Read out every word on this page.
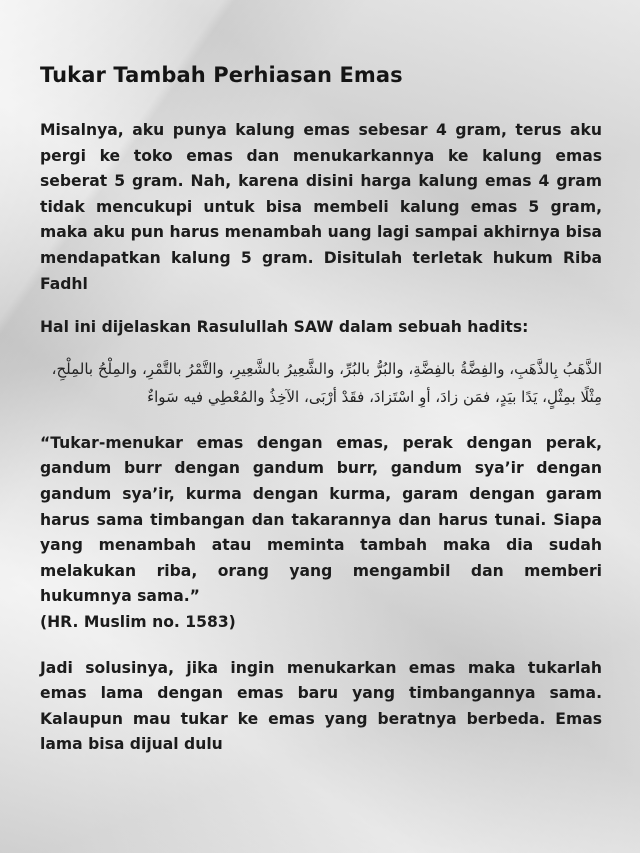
Tukar Tambah Perhiasan Emas

Misalnya, aku punya kalung emas sebesar 4 gram, terus aku pergi ke toko emas dan menukarkannya ke kalung emas seberat 5 gram. Nah, karena disini harga kalung emas 4 gram tidak mencukupi untuk bisa membeli kalung emas 5 gram, maka aku pun harus menambah uang lagi sampai akhirnya bisa mendapatkan kalung 5 gram. Disitulah terletak hukum Riba Fadhl

Hal ini dijelaskan Rasulullah SAW dalam sebuah hadits:

الذَّهَبُ بِالذَّهَبِ، والفِضَّةُ بالفِضَّةِ، والبُرُّ بالبُرِّ، والشَّعِيرُ بالشَّعِيرِ، والتَّمْرُ بالتَّمْرِ، والمِلْحُ بالمِلْحِ، مِثْلًا بمِثْلٍ، يَدًا بيَدٍ، فمَن زادَ، أوِ اسْتَزادَ، فقَدْ أرْبَى، الآخِذُ والمُعْطِي فيه سَواءٌ

“Tukar-menukar emas dengan emas, perak dengan perak, gandum burr dengan gandum burr, gandum sya’ir dengan gandum sya’ir, kurma dengan kurma, garam dengan garam harus sama timbangan dan takarannya dan harus tunai. Siapa yang menambah atau meminta tambah maka dia sudah melakukan riba, orang yang mengambil dan memberi hukumnya sama.”

(HR. Muslim no. 1583)

Jadi solusinya, jika ingin menukarkan emas maka tukarlah emas lama dengan emas baru yang timbangannya sama. Kalaupun mau tukar ke emas yang beratnya berbeda. Emas lama bisa dijual dulu
